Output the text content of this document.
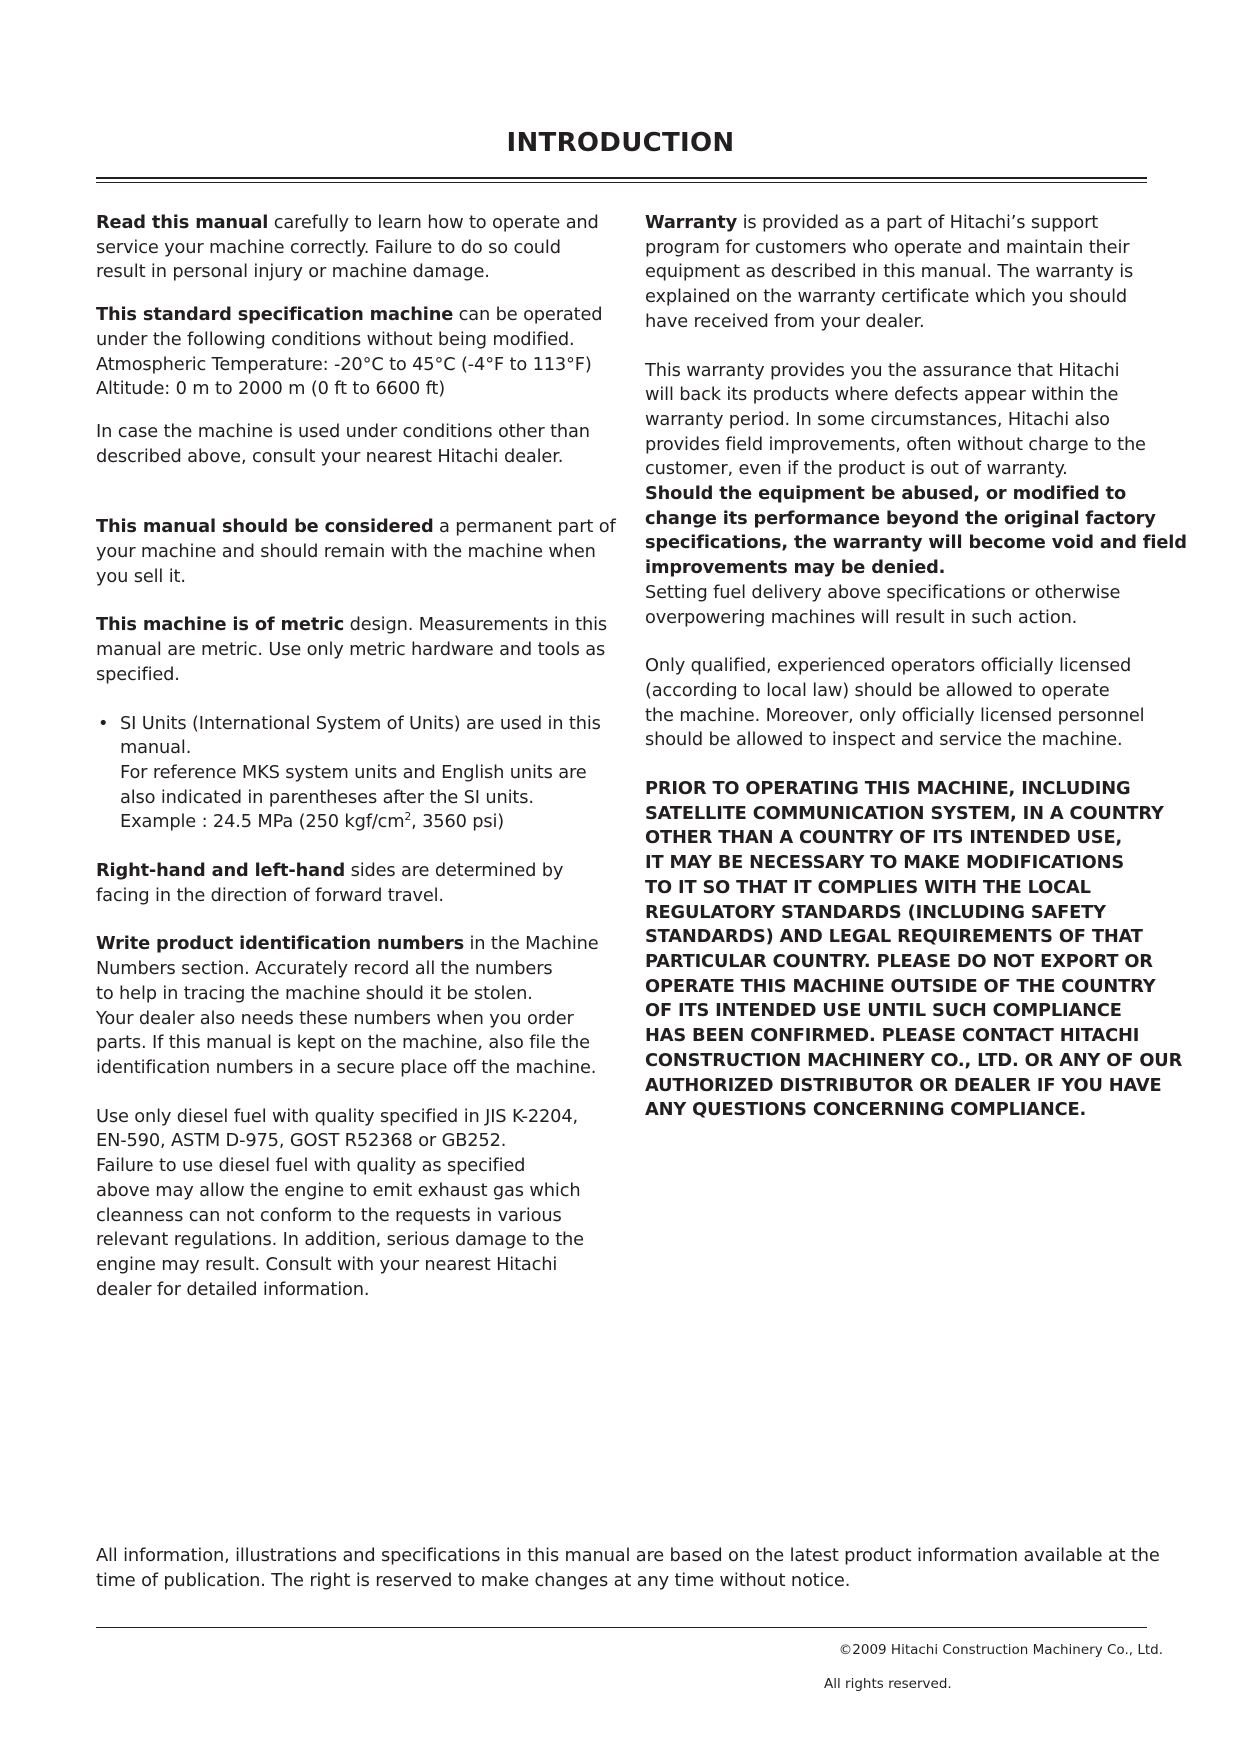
INTRODUCTION

Read this manual carefully to learn how to operate and

service your machine correctly. Failure to do so could

result in personal injury or machine damage.

This standard specification machine can be operated

under the following conditions without being modified.

Atmospheric Temperature: -20°C to 45°C (-4°F to 113°F)

Altitude: 0 m to 2000 m (0 ft to 6600 ft)

In case the machine is used under conditions other than

described above, consult your nearest Hitachi dealer.

This manual should be considered a permanent part of

your machine and should remain with the machine when

you sell it.

This machine is of metric design. Measurements in this

manual are metric. Use only metric hardware and tools as

specified.

• SI Units (International System of Units) are used in this

manual.

For reference MKS system units and English units are

also indicated in parentheses after the SI units.

Example : 24.5 MPa (250 kgf/$cm^2$, 3560 psi)

Right-hand and left-hand sides are determined by

facing in the direction of forward travel.

Write product identification numbers in the Machine

Numbers section. Accurately record all the numbers

to help in tracing the machine should it be stolen.

Your dealer also needs these numbers when you order

parts. If this manual is kept on the machine, also file the

identification numbers in a secure place off the machine.

Use only diesel fuel with quality specified in JIS K-2204,

EN-590, ASTM D-975, GOST R52368 or GB252.

Failure to use diesel fuel with quality as specified

above may allow the engine to emit exhaust gas which

cleanness can not conform to the requests in various

relevant regulations. In addition, serious damage to the

engine may result. Consult with your nearest Hitachi

dealer for detailed information.

Warranty is provided as a part of Hitachi’s support

program for customers who operate and maintain their

equipment as described in this manual. The warranty is

explained on the warranty certificate which you should

have received from your dealer.

This warranty provides you the assurance that Hitachi

will back its products where defects appear within the

warranty period. In some circumstances, Hitachi also

provides field improvements, often without charge to the

customer, even if the product is out of warranty.

Should the equipment be abused, or modified to

change its performance beyond the original factory

specifications, the warranty will become void and field

improvements may be denied.

Setting fuel delivery above specifications or otherwise

overpowering machines will result in such action.

Only qualified, experienced operators officially licensed

(according to local law) should be allowed to operate

the machine. Moreover, only officially licensed personnel

should be allowed to inspect and service the machine.

PRIOR TO OPERATING THIS MACHINE, INCLUDING

SATELLITE COMMUNICATION SYSTEM, IN A COUNTRY

OTHER THAN A COUNTRY OF ITS INTENDED USE,

IT MAY BE NECESSARY TO MAKE MODIFICATIONS

TO IT SO THAT IT COMPLIES WITH THE LOCAL

REGULATORY STANDARDS (INCLUDING SAFETY

STANDARDS) AND LEGAL REQUIREMENTS OF THAT

PARTICULAR COUNTRY. PLEASE DO NOT EXPORT OR

OPERATE THIS MACHINE OUTSIDE OF THE COUNTRY

OF ITS INTENDED USE UNTIL SUCH COMPLIANCE

HAS BEEN CONFIRMED. PLEASE CONTACT HITACHI

CONSTRUCTION MACHINERY CO., LTD. OR ANY OF OUR

AUTHORIZED DISTRIBUTOR OR DEALER IF YOU HAVE

ANY QUESTIONS CONCERNING COMPLIANCE.

All information, illustrations and specifications in this manual are based on the latest product information available at the

time of publication. The right is reserved to make changes at any time without notice.

©2009 Hitachi Construction Machinery Co., Ltd.
All rights reserved.
